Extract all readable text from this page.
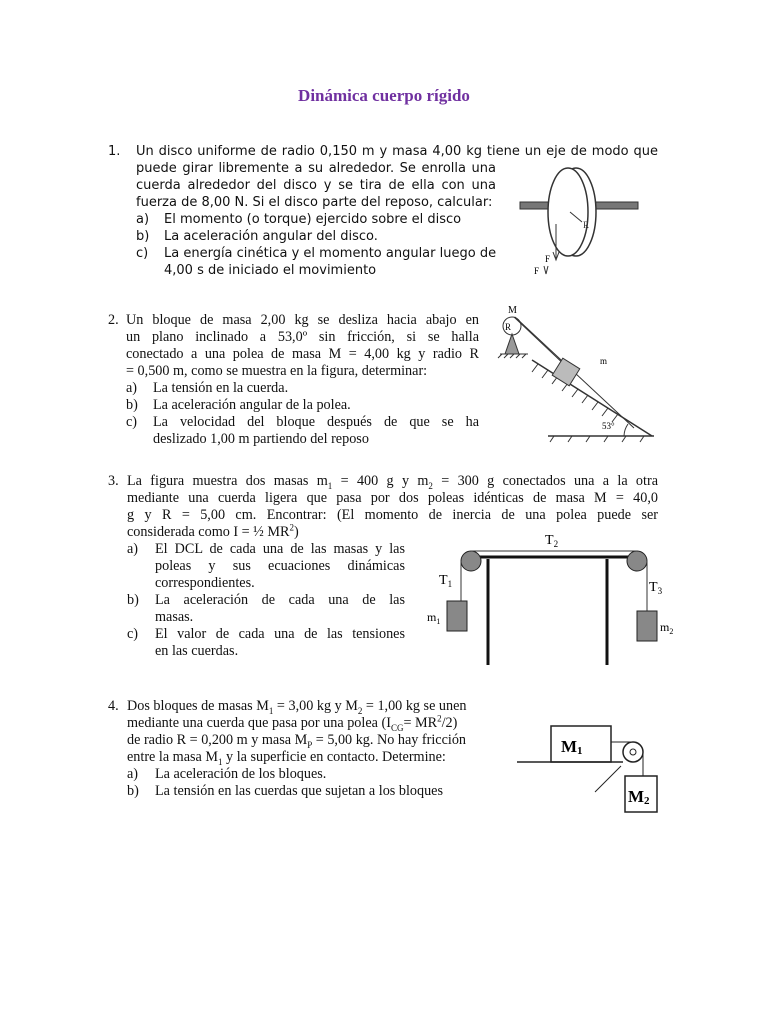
Dinámica cuerpo rígido
1. Un disco uniforme de radio 0,150 m y masa 4,00 kg tiene un eje de modo que
puede girar libremente a su alrededor. Se enrolla una
cuerda alrededor del disco y se tira de ella con una
fuerza de 8,00 N. Si el disco parte del reposo, calcular:
a) El momento (o torque) ejercido sobre el disco
b) La aceleración angular del disco.
c) La energía cinética y el momento angular luego de
4,00 s de iniciado el movimiento
R
F
F
2. Un bloque de masa 2,00 kg se desliza hacia abajo en
un plano inclinado a 53,0º sin fricción, si se halla
conectado a una polea de masa M = 4,00 kg y radio R
= 0,500 m, como se muestra en la figura, determinar:
a) La tensión en la cuerda.
b) La aceleración angular de la polea.
c) La velocidad del bloque después de que se ha
deslizado 1,00 m partiendo del reposo
M
R
m
53°
3. La figura muestra dos masas $m_1 = 400$ g y $m_2 = 300$ g conectados una a la otra
mediante una cuerda ligera que pasa por dos poleas idénticas de masa M = 40,0
g y R = 5,00 cm. Encontrar: (El momento de inercia de una polea puede ser
considerada como I = ½ $MR^2$)
a) El DCL de cada una de las masas y las
poleas y sus ecuaciones dinámicas
correspondientes.
b) La aceleración de cada una de las
masas.
c) El valor de cada una de las tensiones
en las cuerdas.
$T_2$
$T_1$	$T_3$
$m_1$	$m_2$
4. Dos bloques de masas $M_1 = 3,00$ kg y $M_2 = 1,00$ kg se unen
mediante una cuerda que pasa por una polea $(I_{CG}= MR^2/2)$
de radio R = 0,200 m y masa $M_P = 5,00$ kg. No hay fricción
entre la masa $M_1$ y la superficie en contacto. Determine:
a) La aceleración de los bloques.
b) La tensión en las cuerdas que sujetan a los bloques
M1
M2
